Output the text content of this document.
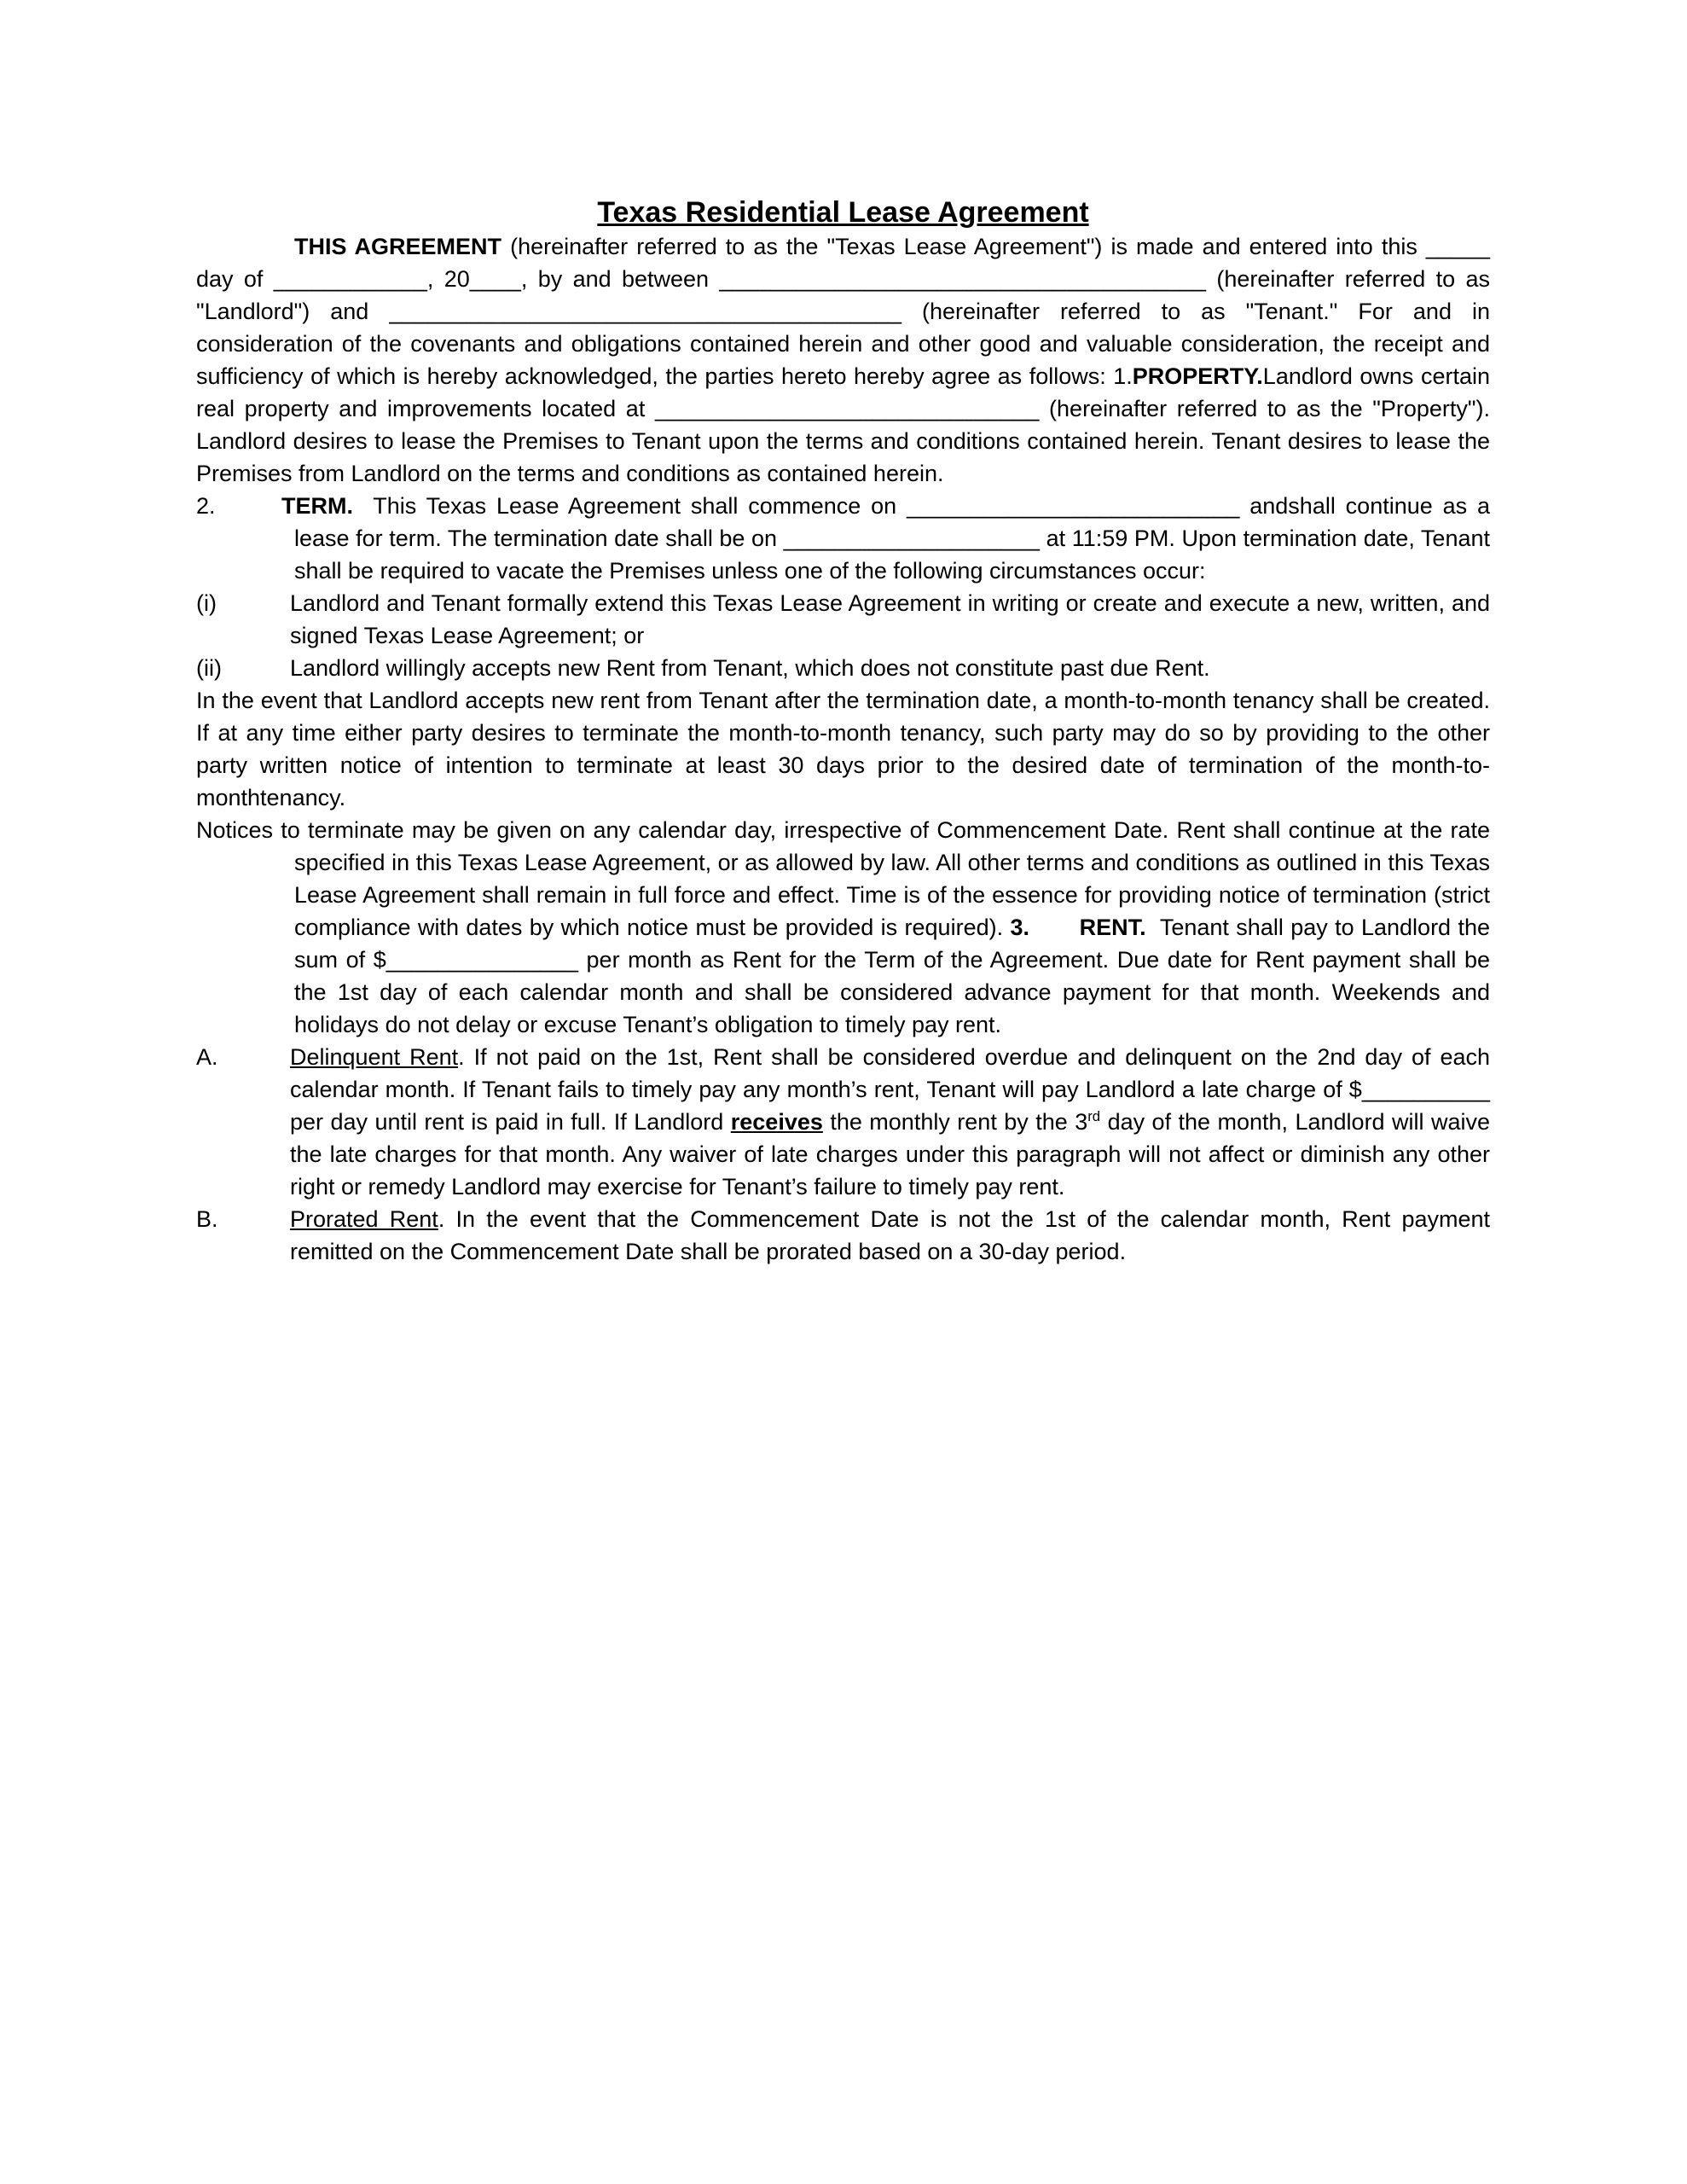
Texas Residential Lease Agreement

THIS AGREEMENT (hereinafter referred to as the "Texas Lease Agreement") is made and entered into this _____ day of ____________, 20____, by and between ______________________________________ (hereinafter referred to as "Landlord") and ________________________________________ (hereinafter referred to as "Tenant." For and in consideration of the covenants and obligations contained herein and other good and valuable consideration, the receipt and sufficiency of which is hereby acknowledged, the parties hereto hereby agree as follows: 1.PROPERTY.Landlord owns certain real property and improvements located at ______________________________ (hereinafter referred to as the "Property"). Landlord desires to lease the Premises to Tenant upon the terms and conditions contained herein. Tenant desires to lease the Premises from Landlord on the terms and conditions as contained herein.

2.	TERM.  This Texas Lease Agreement shall commence on __________________________ andshall continue as a lease for term. The termination date shall be on ____________________ at 11:59 PM. Upon termination date, Tenant shall be required to vacate the Premises unless one of the following circumstances occur:

(i)	Landlord and Tenant formally extend this Texas Lease Agreement in writing or create and execute a new, written, and signed Texas Lease Agreement; or

(ii)	Landlord willingly accepts new Rent from Tenant, which does not constitute past due Rent.

In the event that Landlord accepts new rent from Tenant after the termination date, a month-to-month tenancy shall be created. If at any time either party desires to terminate the month-to-month tenancy, such party may do so by providing to the other party written notice of intention to terminate at least 30 days prior to the desired date of termination of the month-to-monthtenancy.

Notices to terminate may be given on any calendar day, irrespective of Commencement Date. Rent shall continue at the rate specified in this Texas Lease Agreement, or as allowed by law. All other terms and conditions as outlined in this Texas Lease Agreement shall remain in full force and effect. Time is of the essence for providing notice of termination (strict compliance with dates by which notice must be provided is required). 3. RENT.  Tenant shall pay to Landlord the sum of $_______________ per month as Rent for the Term of the Agreement. Due date for Rent payment shall be the 1st day of each calendar month and shall be considered advance payment for that month. Weekends and holidays do not delay or excuse Tenant’s obligation to timely pay rent.

A.	Delinquent Rent. If not paid on the 1st, Rent shall be considered overdue and delinquent on the 2nd day of each calendar month. If Tenant fails to timely pay any month’s rent, Tenant will pay Landlord a late charge of $__________ per day until rent is paid in full. If Landlord receives the monthly rent by the 3rd day of the month, Landlord will waive the late charges for that month. Any waiver of late charges under this paragraph will not affect or diminish any other right or remedy Landlord may exercise for Tenant’s failure to timely pay rent.

B.	Prorated Rent. In the event that the Commencement Date is not the 1st of the calendar month, Rent payment remitted on the Commencement Date shall be prorated based on a 30-day period.
